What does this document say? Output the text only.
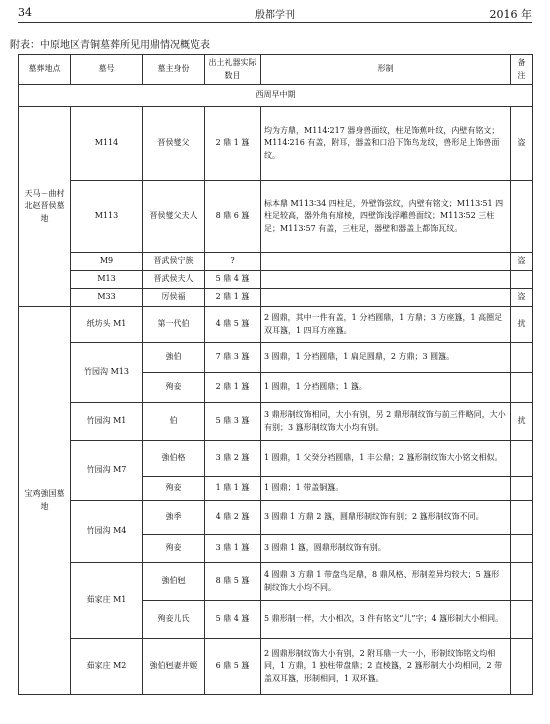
34	殷都学刊	2016 年
附表：中原地区青铜墓葬所见用鼎情况概览表
墓葬地点	墓号	墓主身份	出土礼器实际数目	形制	备注
西周早中期					
天马－曲村北赵晋侯墓地	M114	晋侯燮父	2 鼎 1 簋	均为方鼎，M114∶217 器身兽面纹，柱足饰蕉叶纹，内壁有铭文；M114∶216 有盖，附耳，器盖和口沿下饰鸟龙纹，兽形足上饰兽面纹。	盗
	M113	晋侯燮父夫人	8 鼎 6 簋	标本鼎 M113∶34 四柱足，外壁饰弦纹，内壁有铭文；M113∶51 四柱足较高，器外角有扉棱，四壁饰浅浮雕兽面纹；M113∶52 三柱足；M113∶57 有盖，三柱足，器壁和器盖上都饰瓦纹。	
	M9	晋武侯宁族	?		盗
	M13	晋武侯夫人	5 鼎 4 簋		
	M33	厉侯福	2 鼎 1 簋		盗
宝鸡強国墓地	纸坊头 M1	第一代伯	4 鼎 5 簋	2 圆鼎，其中一件有盖，1 分裆圆鼎，1 方鼎；3 方座簋，1 高圈足双耳簋，1 四耳方座簋。	扰
	竹园沟 M13	強伯	7 鼎 3 簋	3 圆鼎，1 分裆圆鼎，1 扁足圆鼎，2 方鼎；3 圆簋。	
		殉妾	2 鼎 1 簋	1 圆鼎，1 分裆圆鼎；1 簋。	
	竹园沟 M1	伯	5 鼎 3 簋	3 鼎形制纹饰相同，大小有别，另 2 鼎形制纹饰与前三件略同，大小有别；3 簋形制纹饰大小均有别。	扰
	竹园沟 M7	強伯格	3 鼎 2 簋	1 圆鼎，1 父癸分裆圆鼎，1 丰公鼎；2 簋形制纹饰大小铭文相似。	
		殉妾	1 鼎 1 簋	1 圆鼎；1 带盖铜簋。	
	竹园沟 M4	強季	4 鼎 2 簋	3 圆鼎 1 方鼎 2 簋，圆鼎形制纹饰有别；2 簋形制纹饰不同。	
		殉妾	3 鼎 1 簋	3 圆鼎 1 簋，圆鼎形制纹饰有别。	
	茹家庄 M1	強伯𣄰	8 鼎 5 簋	4 圆鼎 3 方鼎 1 带盘鸟足鼎，8 鼎风格、形制差异均较大；5 簋形制纹饰大小均不同。	
		殉妾儿氏	5 鼎 4 簋	5 鼎形制一样，大小相次，3 件有铭文“儿”字；4 簋形制大小相同。	
	茹家庄 M2	強伯𣄰妻井姬	6 鼎 5 簋	2 圆鼎形制纹饰大小有别，2 附耳鼎一大一小，形制纹饰铭文均相同，1 方鼎，1 独柱带盘鼎；2 直棱簋，2 簋形制大小均相同，2 带盖双耳簋，形制相同，1 双环簋。	
